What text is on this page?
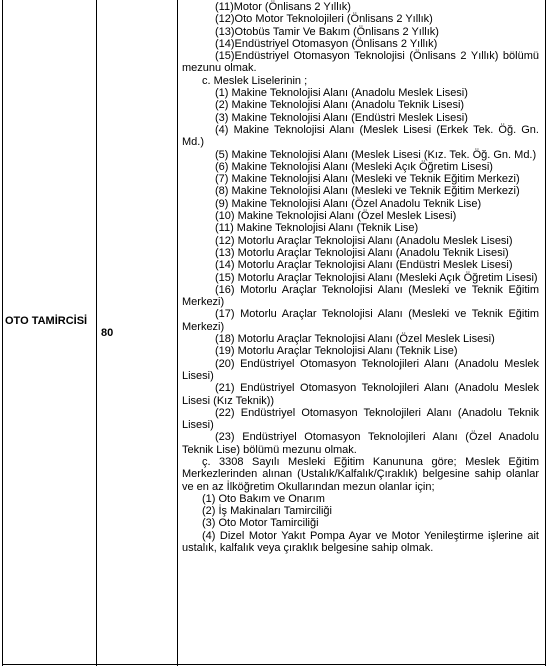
OTO TAMİRCİSİ
80

(11)Motor (Önlisans 2 Yıllık)

(12)Oto Motor Teknolojileri (Önlisans 2 Yıllık)

(13)Otobüs Tamir Ve Bakım (Önlisans 2 Yıllık)

(14)Endüstriyel Otomasyon (Önlisans 2 Yıllık)

(15)Endüstriyel Otomasyon Teknolojisi (Önlisans 2 Yıllık) bölümü mezunu olmak.

c. Meslek Liselerinin ;

(1) Makine Teknolojisi Alanı (Anadolu Meslek Lisesi)

(2) Makine Teknolojisi Alanı (Anadolu Teknik Lisesi)

(3) Makine Teknolojisi Alanı (Endüstri Meslek Lisesi)

(4) Makine Teknolojisi Alanı (Meslek Lisesi (Erkek Tek. Öğ. Gn. Md.)

(5) Makine Teknolojisi Alanı (Meslek Lisesi (Kız. Tek. Öğ. Gn. Md.)

(6) Makine Teknolojisi Alanı (Mesleki Açık Öğretim Lisesi)

(7) Makine Teknolojisi Alanı (Mesleki ve Teknik Eğitim Merkezi)

(8) Makine Teknolojisi Alanı (Mesleki ve Teknik Eğitim Merkezi)

(9) Makine Teknolojisi Alanı (Özel Anadolu Teknik Lise)

(10) Makine Teknolojisi Alanı (Özel Meslek Lisesi)

(11) Makine Teknolojisi Alanı (Teknik Lise)

(12) Motorlu Araçlar Teknolojisi Alanı (Anadolu Meslek Lisesi)

(13) Motorlu Araçlar Teknolojisi Alanı (Anadolu Teknik Lisesi)

(14) Motorlu Araçlar Teknolojisi Alanı (Endüstri Meslek Lisesi)

(15) Motorlu Araçlar Teknolojisi Alanı (Mesleki Açık Öğretim Lisesi)

(16) Motorlu Araçlar Teknolojisi Alanı (Mesleki ve Teknik Eğitim Merkezi)

(17) Motorlu Araçlar Teknolojisi Alanı (Mesleki ve Teknik Eğitim Merkezi)

(18) Motorlu Araçlar Teknolojisi Alanı (Özel Meslek Lisesi)

(19) Motorlu Araçlar Teknolojisi Alanı (Teknik Lise)

(20) Endüstriyel Otomasyon Teknolojileri Alanı (Anadolu Meslek Lisesi)

(21) Endüstriyel Otomasyon Teknolojileri Alanı (Anadolu Meslek Lisesi (Kız Teknik))

(22) Endüstriyel Otomasyon Teknolojileri Alanı (Anadolu Teknik Lisesi)

(23) Endüstriyel Otomasyon Teknolojileri Alanı (Özel Anadolu Teknik Lise) bölümü mezunu olmak.

ç. 3308 Sayılı Mesleki Eğitim Kanununa göre; Meslek Eğitim Merkezlerinden alınan (Ustalık/Kalfalık/Çıraklık) belgesine sahip olanlar ve en az İlköğretim Okullarından mezun olanlar için;

(1) Oto Bakım ve Onarım

(2) İş Makinaları Tamirciliği

(3) Oto Motor Tamirciliği

(4) Dizel Motor Yakıt Pompa Ayar ve Motor Yenileştirme işlerine ait ustalık, kalfalık veya çıraklık belgesine sahip olmak.
